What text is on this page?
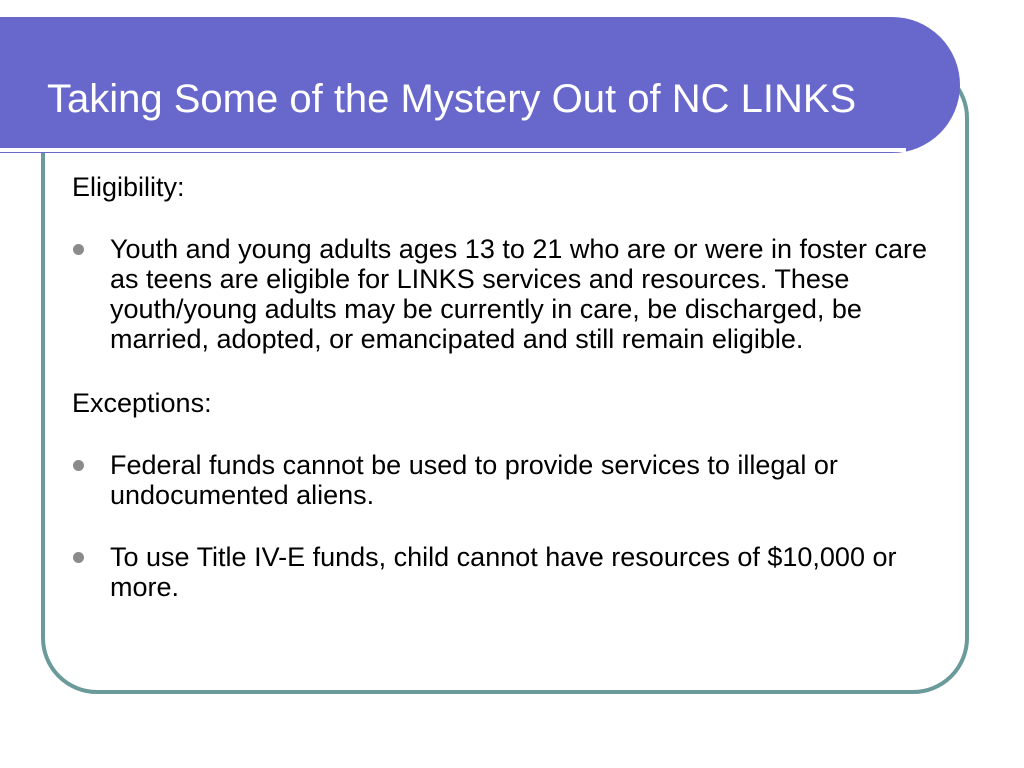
Taking Some of the Mystery Out of NC LINKS
Eligibility:
Youth and young adults ages 13 to 21 who are or were in foster care as teens are eligible for LINKS services and resources. These youth/young adults may be currently in care, be discharged, be married, adopted, or emancipated and still remain eligible.
Exceptions:
Federal funds cannot be used to provide services to illegal or undocumented aliens.
To use Title IV-E funds, child cannot have resources of $10,000 or more.
